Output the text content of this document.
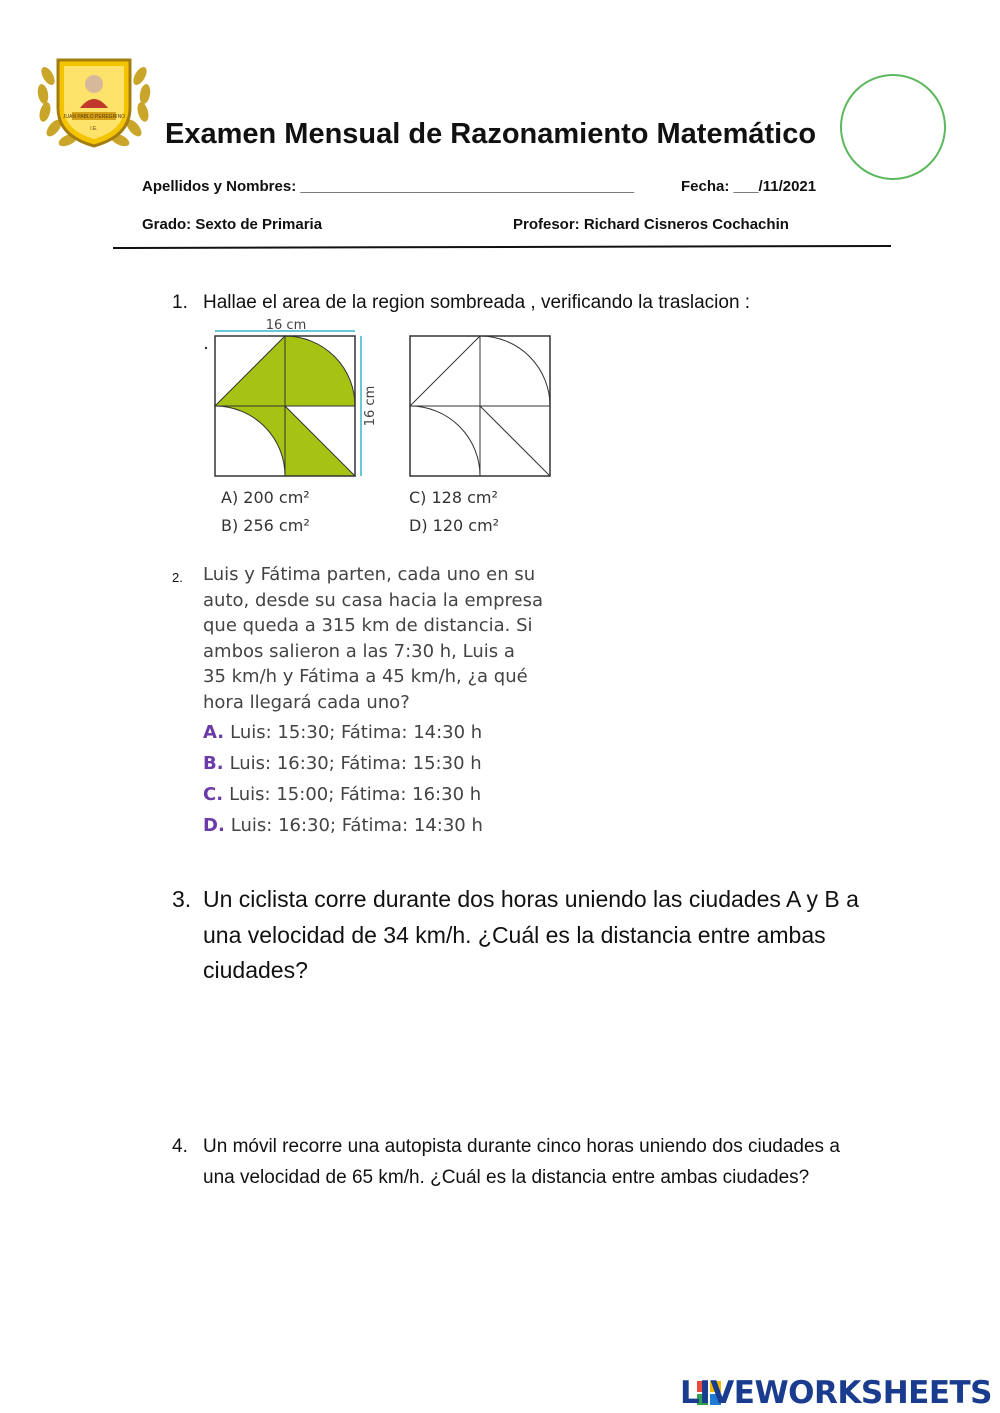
JUAN PABLO PEREGRINO
I.E. Examen Mensual de Razonamiento Matemático
Apellidos y Nombres: ________________________________________	Fecha: ___/11/2021
Grado: Sexto de Primaria	Profesor: Richard Cisneros Cochachin
1. Hallae el area de la region sombreada , verificando la traslacion :
16 cm
16 cm
A) 200 cm²
B) 256 cm²
C) 128 cm²
D) 120 cm²
2. Luis y Fátima parten, cada uno en su
auto, desde su casa hacia la empresa
que queda a 315 km de distancia. Si
ambos salieron a las 7:30 h, Luis a
35 km/h y Fátima a 45 km/h, ¿a qué
hora llegará cada uno?
A. Luis: 15:30; Fátima: 14:30 h
B. Luis: 16:30; Fátima: 15:30 h
C. Luis: 15:00; Fátima: 16:30 h
D. Luis: 16:30; Fátima: 14:30 h
3. Un ciclista corre durante dos horas uniendo las ciudades A y B a una velocidad de 34 km/h. ¿Cuál es la distancia entre ambas ciudades?
4. Un móvil recorre una autopista durante cinco horas uniendo dos ciudades a una velocidad de 65 km/h. ¿Cuál es la distancia entre ambas ciudades?
LIVEWORKSHEETS
